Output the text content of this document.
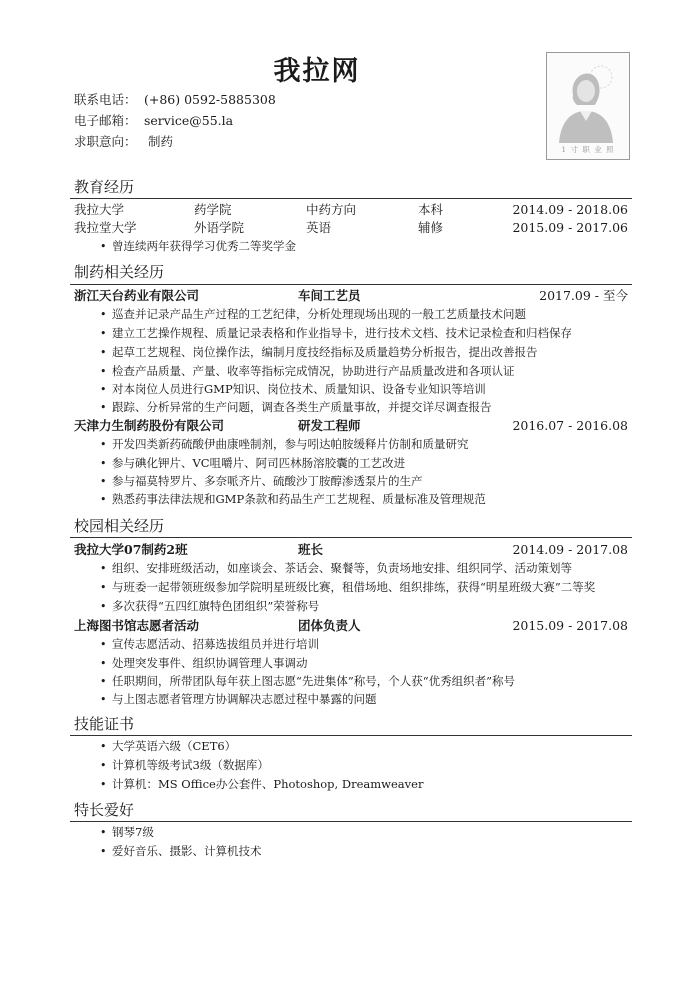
我拉网
联系电话： (+86) 0592-5885308
电子邮箱： service@55.la
求职意向： 制药
1 寸 职 业 照
教育经历
我拉大学	药学院	中药方向	本科	2014.09 - 2018.06
我拉堂大学	外语学院	英语	辅修	2015.09 - 2017.06
• 曾连续两年获得学习优秀二等奖学金
制药相关经历
浙江天台药业有限公司	车间工艺员	2017.09 - 至今
• 巡查并记录产品生产过程的工艺纪律，分析处理现场出现的一般工艺质量技术问题
• 建立工艺操作规程、质量记录表格和作业指导卡，进行技术文档、技术记录检查和归档保存
• 起草工艺规程、岗位操作法，编制月度技经指标及质量趋势分析报告，提出改善报告
• 检查产品质量、产量、收率等指标完成情况，协助进行产品质量改进和各项认证
• 对本岗位人员进行GMP知识、岗位技术、质量知识、设备专业知识等培训
• 跟踪、分析异常的生产问题，调查各类生产质量事故，并提交详尽调查报告
天津力生制药股份有限公司	研发工程师	2016.07 - 2016.08
• 开发四类新药硫酸伊曲康唑制剂，参与吲达帕胺缓释片仿制和质量研究
• 参与碘化钾片、VC咀嚼片、阿司匹林肠溶胶囊的工艺改进
• 参与福莫特罗片、多奈哌齐片、硫酸沙丁胺醇渗透泵片的生产
• 熟悉药事法律法规和GMP条款和药品生产工艺规程、质量标准及管理规范
校园相关经历
我拉大学07制药2班	班长	2014.09 - 2017.08
• 组织、安排班级活动，如座谈会、茶话会、聚餐等，负责场地安排、组织同学、活动策划等
• 与班委一起带领班级参加学院明星班级比赛，租借场地、组织排练，获得“明星班级大赛”二等奖
• 多次获得“五四红旗特色团组织”荣誉称号
上海图书馆志愿者活动	团体负责人	2015.09 - 2017.08
• 宣传志愿活动、招募选拔组员并进行培训
• 处理突发事件、组织协调管理人事调动
• 任职期间，所带团队每年获上图志愿“先进集体”称号，个人获“优秀组织者”称号
• 与上图志愿者管理方协调解决志愿过程中暴露的问题
技能证书
• 大学英语六级（CET6）
• 计算机等级考试3级（数据库）
• 计算机：MS Office办公套件、Photoshop, Dreamweaver
特长爱好
• 钢琴7级
• 爱好音乐、摄影、计算机技术
